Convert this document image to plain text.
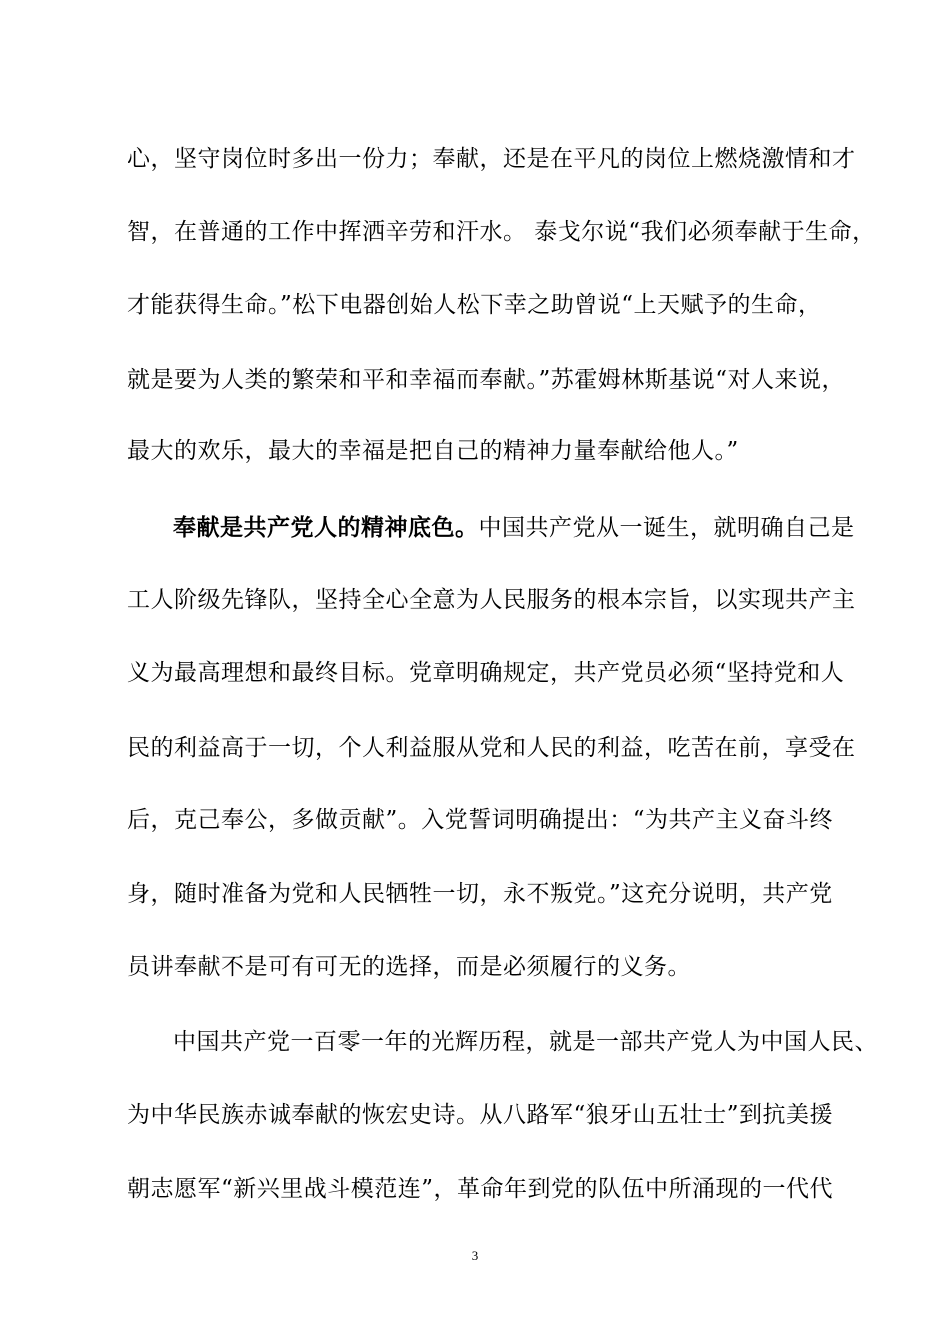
心，坚守岗位时多出一份力；奉献，还是在平凡的岗位上燃烧激情和才
智，在普通的工作中挥洒辛劳和汗水。 泰戈尔说“我们必须奉献于生命，
才能获得生命。”松下电器创始人松下幸之助曾说“上天赋予的生命，
就是要为人类的繁荣和平和幸福而奉献。”苏霍姆林斯基说“对人来说，
最大的欢乐，最大的幸福是把自己的精神力量奉献给他人。”
奉献是共产党人的精神底色。中国共产党从一诞生，就明确自己是
工人阶级先锋队，坚持全心全意为人民服务的根本宗旨，以实现共产主
义为最高理想和最终目标。党章明确规定，共产党员必须“坚持党和人
民的利益高于一切，个人利益服从党和人民的利益，吃苦在前，享受在
后，克己奉公，多做贡献”。入党誓词明确提出：“为共产主义奋斗终
身，随时准备为党和人民牺牲一切，永不叛党。”这充分说明，共产党
员讲奉献不是可有可无的选择，而是必须履行的义务。
中国共产党一百零一年的光辉历程，就是一部共产党人为中国人民、
为中华民族赤诚奉献的恢宏史诗。从八路军“狼牙山五壮士”到抗美援
朝志愿军“新兴里战斗模范连”，革命年到党的队伍中所涌现的一代代
3
